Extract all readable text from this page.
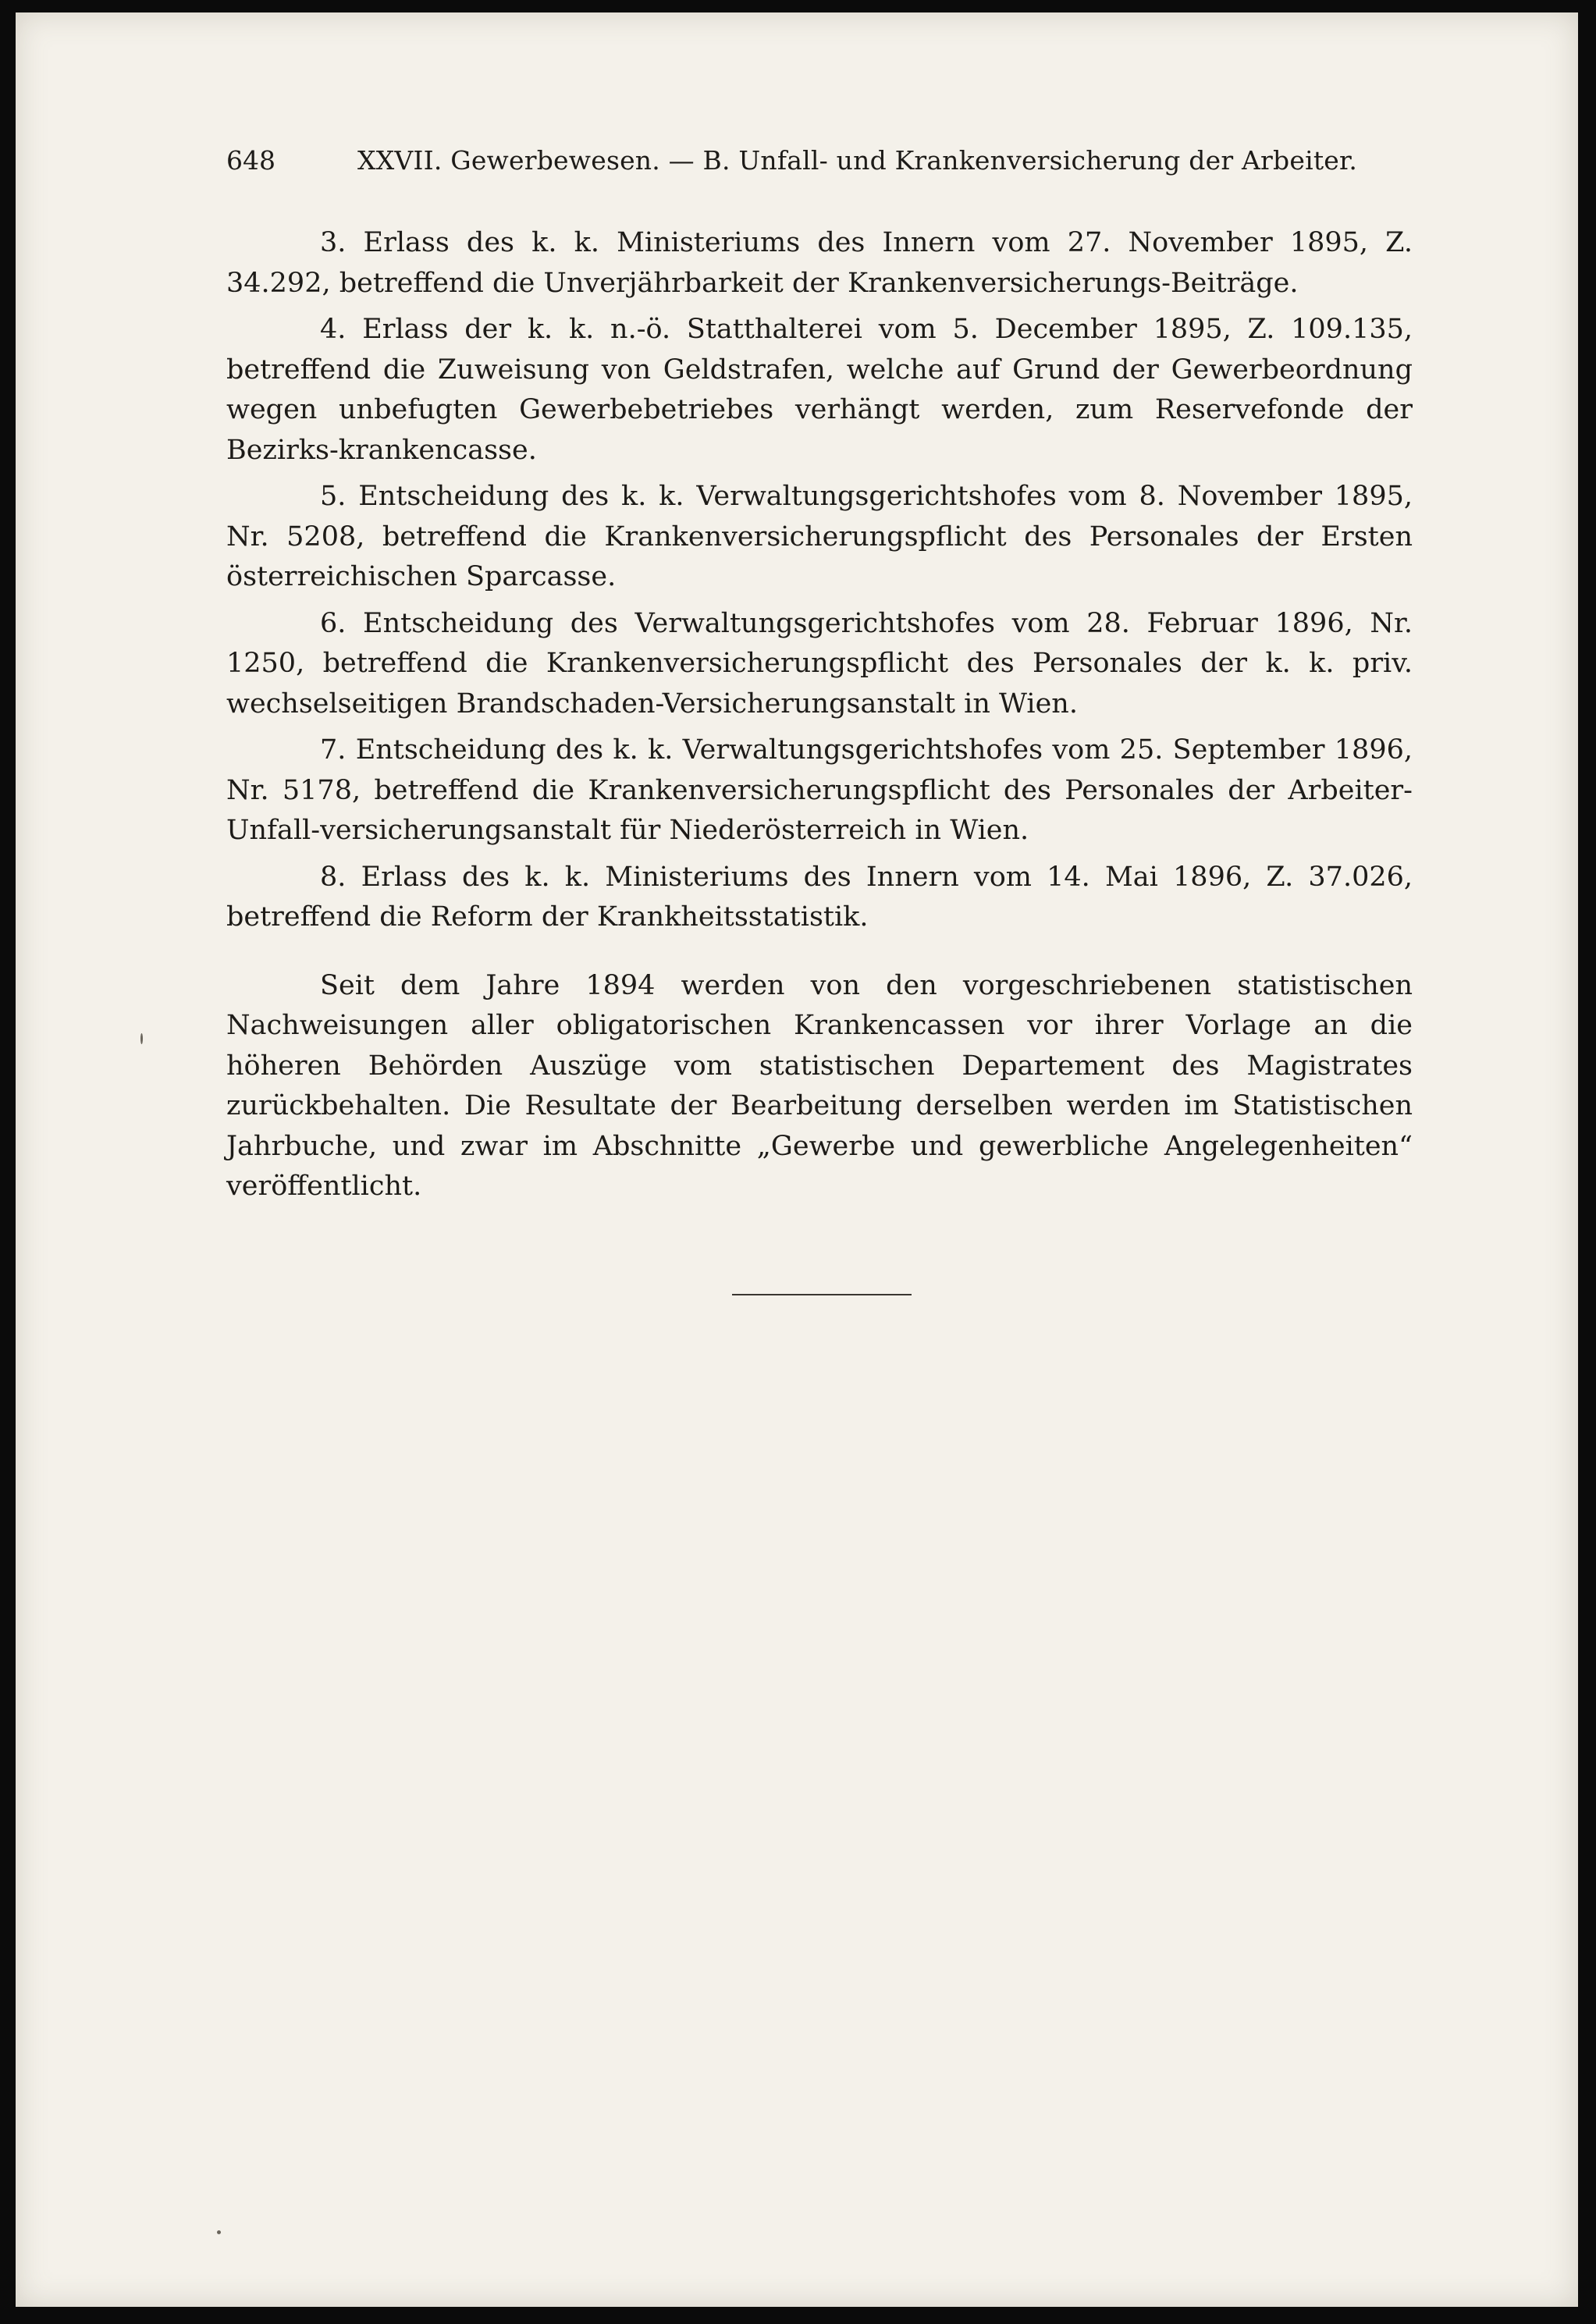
648	XXVII. Gewerbewesen. — B. Unfall- und Krankenversicherung der Arbeiter.

3. Erlass des k. k. Ministeriums des Innern vom 27. November 1895, Z. 34.292, betreffend die Unverjährbarkeit der Krankenversicherungs-Beiträge.

4. Erlass der k. k. n.-ö. Statthalterei vom 5. December 1895, Z. 109.135, betreffend die Zuweisung von Geldstrafen, welche auf Grund der Gewerbeordnung wegen unbefugten Gewerbebetriebes verhängt werden, zum Reservefonde der Bezirks-krankencasse.

5. Entscheidung des k. k. Verwaltungsgerichtshofes vom 8. November 1895, Nr. 5208, betreffend die Krankenversicherungspflicht des Personales der Ersten österreichischen Sparcasse.

6. Entscheidung des Verwaltungsgerichtshofes vom 28. Februar 1896, Nr. 1250, betreffend die Krankenversicherungspflicht des Personales der k. k. priv. wechselseitigen Brandschaden-Versicherungsanstalt in Wien.

7. Entscheidung des k. k. Verwaltungsgerichtshofes vom 25. September 1896, Nr. 5178, betreffend die Krankenversicherungspflicht des Personales der Arbeiter-Unfall-versicherungsanstalt für Niederösterreich in Wien.

8. Erlass des k. k. Ministeriums des Innern vom 14. Mai 1896, Z. 37.026, betreffend die Reform der Krankheitsstatistik.

Seit dem Jahre 1894 werden von den vorgeschriebenen statistischen Nachweisungen aller obligatorischen Krankencassen vor ihrer Vorlage an die höheren Behörden Auszüge vom statistischen Departement des Magistrates zurückbehalten. Die Resultate der Bearbeitung derselben werden im Statistischen Jahrbuche, und zwar im Abschnitte „Gewerbe und gewerbliche Angelegenheiten“ veröffentlicht.
